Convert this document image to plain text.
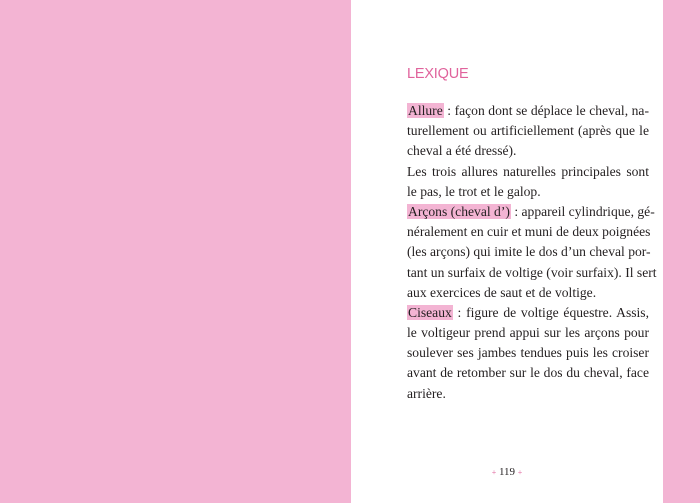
LEXIQUE
Allure : façon dont se déplace le cheval, na-
turellement ou artificiellement (après que le
cheval a été dressé).
Les trois allures naturelles principales sont
le pas, le trot et le galop.
Arçons (cheval d’) : appareil cylindrique, gé-
néralement en cuir et muni de deux poignées
(les arçons) qui imite le dos d’un cheval por-
tant un surfaix de voltige (voir surfaix). Il sert
aux exercices de saut et de voltige.
Ciseaux : figure de voltige équestre. Assis,
le voltigeur prend appui sur les arçons pour
soulever ses jambes tendues puis les croiser
avant de retomber sur le dos du cheval, face
arrière.
+ 119 +
